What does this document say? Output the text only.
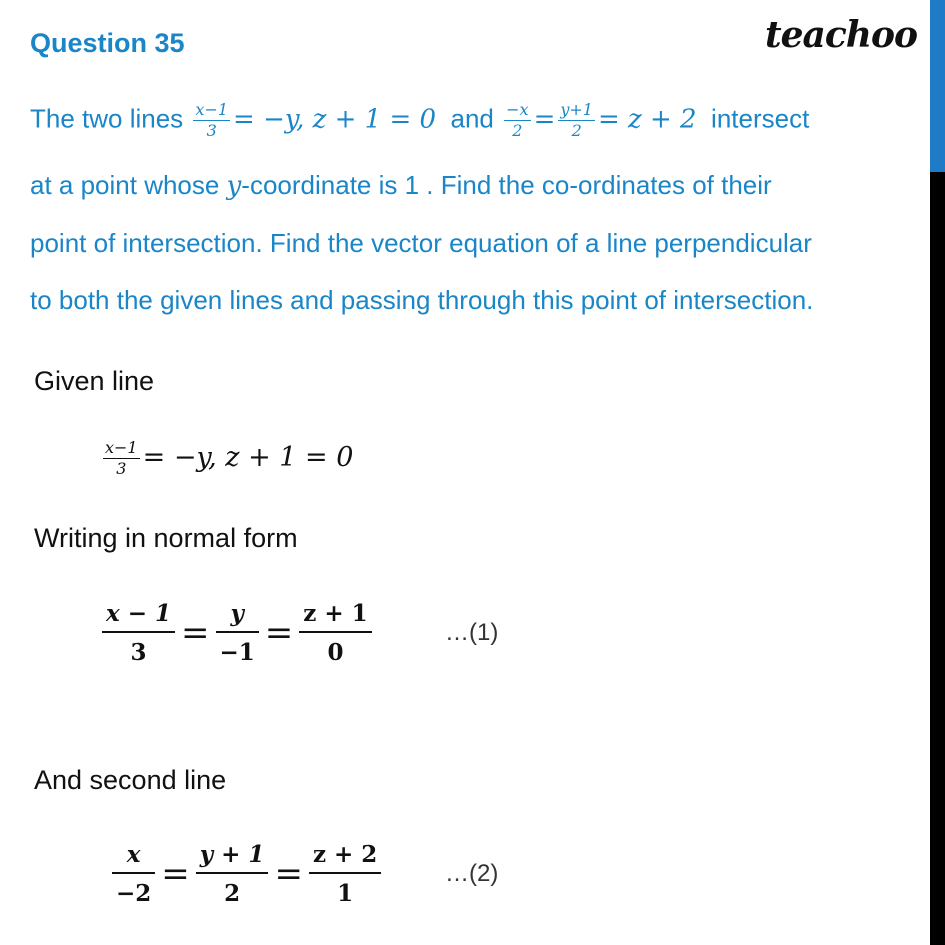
Question 35	teachoo
The two lines $\frac{x-1}{3} = -y$, z + 1 = 0 and $\frac{-x}{2} = \frac{y+1}{2} = z + 2$ intersect
at a point whose y-coordinate is 1 . Find the co-ordinates of their
point of intersection. Find the vector equation of a line perpendicular
to both the given lines and passing through this point of intersection.
Given line
$\frac{x-1}{3} = -y$, z + 1 = 0
Writing in normal form
$\frac{x - 1}{3} = \frac{y}{-1} = \frac{z + 1}{0}$	…(1)
And second line
$\frac{x}{-2} = \frac{y + 1}{2} = \frac{z + 2}{1}$	…(2)
